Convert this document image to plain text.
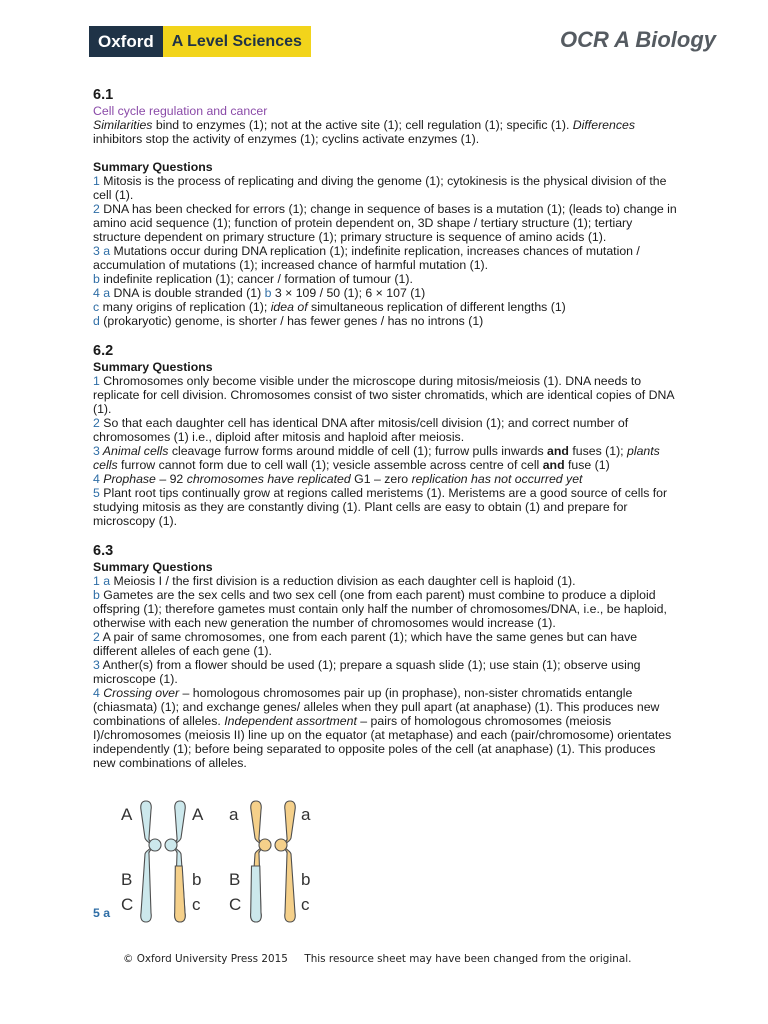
Oxford	A Level Sciences	OCR A Biology
6.1

Cell cycle regulation and cancer

Similarities bind to enzymes (1); not at the active site (1); cell regulation (1); specific (1). Differences inhibitors stop the activity of enzymes (1); cyclins activate enzymes (1).

Summary Questions

1 Mitosis is the process of replicating and diving the genome (1); cytokinesis is the physical division of the cell (1).

2 DNA has been checked for errors (1); change in sequence of bases is a mutation (1); (leads to) change in amino acid sequence (1); function of protein dependent on, 3D shape / tertiary structure (1); tertiary structure dependent on primary structure (1); primary structure is sequence of amino acids (1).

3 a Mutations occur during DNA replication (1); indefinite replication, increases chances of mutation / accumulation of mutations (1); increased chance of harmful mutation (1).

b indefinite replication (1); cancer / formation of tumour (1).

4 a DNA is double stranded (1) b 3 × 109 / 50 (1); 6 × 107 (1)

c many origins of replication (1); idea of simultaneous replication of different lengths (1)

d (prokaryotic) genome, is shorter / has fewer genes / has no introns (1)

6.2

Summary Questions

1 Chromosomes only become visible under the microscope during mitosis/meiosis (1). DNA needs to replicate for cell division. Chromosomes consist of two sister chromatids, which are identical copies of DNA (1).

2 So that each daughter cell has identical DNA after mitosis/cell division (1); and correct number of chromosomes (1) i.e., diploid after mitosis and haploid after meiosis.

3 Animal cells cleavage furrow forms around middle of cell (1); furrow pulls inwards and fuses (1); plants cells furrow cannot form due to cell wall (1); vesicle assemble across centre of cell and fuse (1)

4 Prophase – 92 chromosomes have replicated G1 – zero replication has not occurred yet

5 Plant root tips continually grow at regions called meristems (1). Meristems are a good source of cells for studying mitosis as they are constantly diving (1). Plant cells are easy to obtain (1) and prepare for microscopy (1).

6.3

Summary Questions

1 a Meiosis I / the first division is a reduction division as each daughter cell is haploid (1).

b Gametes are the sex cells and two sex cell (one from each parent) must combine to produce a diploid offspring (1); therefore gametes must contain only half the number of chromosomes/DNA, i.e., be haploid, otherwise with each new generation the number of chromosomes would increase (1).

2 A pair of same chromosomes, one from each parent (1); which have the same genes but can have different alleles of each gene (1).

3 Anther(s) from a flower should be used (1); prepare a squash slide (1); use stain (1); observe using microscope (1).

4 Crossing over – homologous chromosomes pair up (in prophase), non-sister chromatids entangle (chiasmata) (1); and exchange genes/ alleles when they pull apart (at anaphase) (1). This produces new combinations of alleles. Independent assortment – pairs of homologous chromosomes (meiosis I)/chromosomes (meiosis II) line up on the equator (at metaphase) and each (pair/chromosome) orientates independently (1); before being separated to opposite poles of the cell (at anaphase) (1). This produces new combinations of alleles.

A	A
B	b
C	c
a	a
B	b
C	c
5 a
© Oxford University Press 2015 This resource sheet may have been changed from the original.
